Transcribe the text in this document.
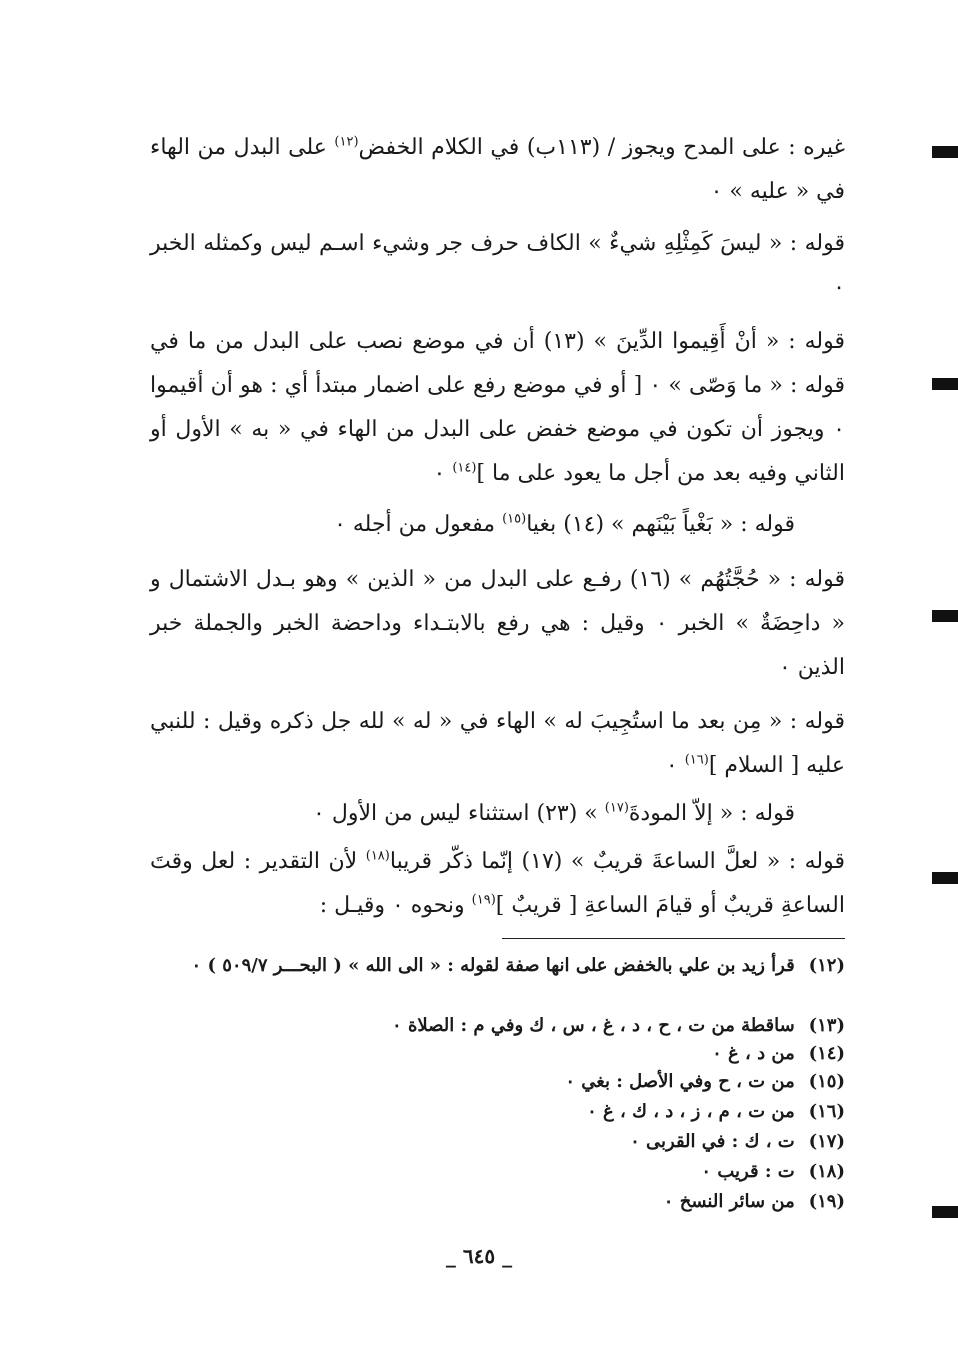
غيره : على المدح ويجوز / (١١٣ب) في الكلام الخفض$^{(١٢)}$ على البدل من الهاء في « عليه » ٠
قوله : « ليسَ كَمِثْلِهِ شيءٌ » الكاف حرف جر وشيء اسـم ليس وكمثله الخبر ٠
قوله : « أنْ أَقِيموا الدِّينَ » (١٣) أن في موضع نصب على البدل من ما في قوله : « ما وَصّى » ٠ [ أو في موضع رفع على اضمار مبتدأ أي : هو أن أقيموا ٠ ويجوز أن تكون في موضع خفض على البدل من الهاء في « به » الأول أو الثاني وفيه بعد من أجل ما يعود على ما ]$^{(١٤)}$ ٠
قوله : « بَغْياً بَيْنَهم » (١٤) بغيا$^{(١٥)}$ مفعول من أجله ٠
قوله : « حُجَّتُهُم » (١٦) رفـع على البدل من « الذين » وهو بـدل الاشتمال و « داحِضَةٌ » الخبر ٠ وقيل : هي رفع بالابتـداء وداحضة الخبر والجملة خبر الذين ٠
قوله : « مِن بعد ما استُجِيبَ له » الهاء في « له » لله جل ذكره وقيل : للنبي عليه [ السلام ]$^{(١٦)}$ ٠
قوله : « إلاّ المودةَ$^{(١٧)}$ » (٢٣) استثناء ليس من الأول ٠
قوله : « لعلَّ الساعةَ قريبٌ » (١٧) إنّما ذكّر قريبا$^{(١٨)}$ لأن التقدير : لعل وقتَ الساعةِ قريبٌ أو قيامَ الساعةِ [ قريبٌ ]$^{(١٩)}$ ونحوه ٠ وقيـل :
(١٢) قرأ زيد بن علي بالخفض على انها صفة لقوله : « الى الله » ( البحـــر ٥٠٩/٧ ) ٠
(١٣) ساقطة من ت ، ح ، د ، غ ، س ، ك وفي م : الصلاة ٠
(١٤) من د ، غ ٠
(١٥) من ت ، ح وفي الأصل : بغي ٠
(١٦) من ت ، م ، ز ، د ، ك ، غ ٠
(١٧) ت ، ك : في القربى ٠
(١٨) ت : قريب ٠
(١٩) من سائر النسخ ٠
_ ٦٤٥ _
